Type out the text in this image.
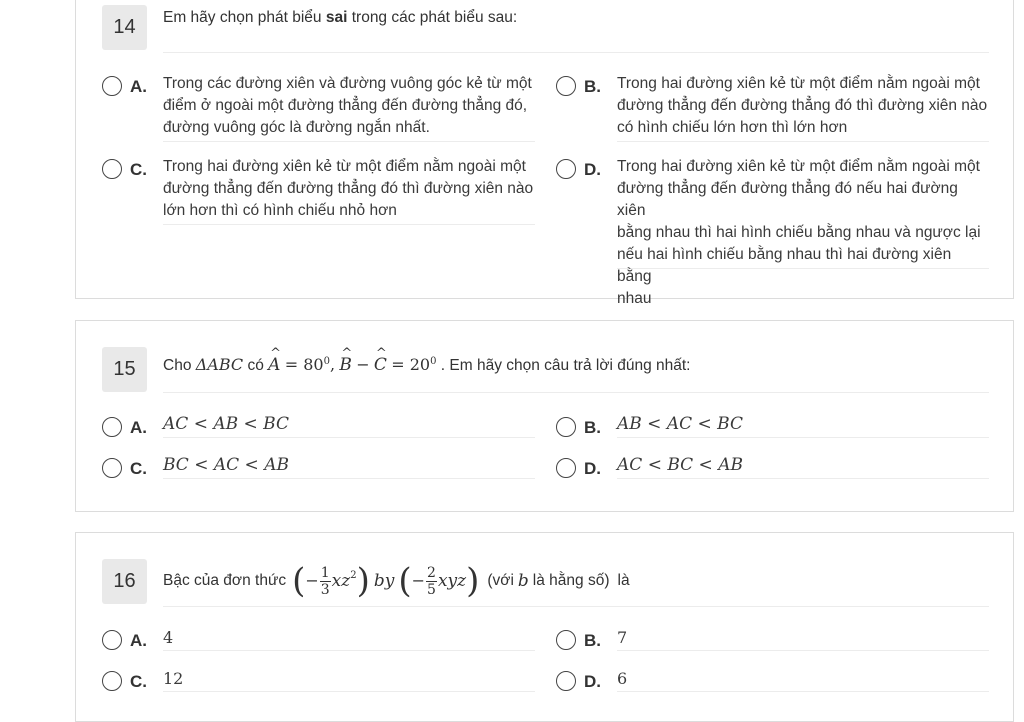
14	Em hãy chọn phát biểu sai trong các phát biểu sau:
A. Trong các đường xiên và đường vuông góc kẻ từ một
điểm ở ngoài một đường thẳng đến đường thẳng đó,
đường vuông góc là đường ngắn nhất.
B. Trong hai đường xiên kẻ từ một điểm nằm ngoài một
đường thẳng đến đường thẳng đó thì đường xiên nào
có hình chiếu lớn hơn thì lớn hơn
C. Trong hai đường xiên kẻ từ một điểm nằm ngoài một
đường thẳng đến đường thẳng đó thì đường xiên nào
lớn hơn thì có hình chiếu nhỏ hơn
D. Trong hai đường xiên kẻ từ một điểm nằm ngoài một
đường thẳng đến đường thẳng đó nếu hai đường xiên
bằng nhau thì hai hình chiếu bằng nhau và ngược lại
nếu hai hình chiếu bằng nhau thì hai đường xiên bằng
nhau
15	Cho ΔABC có ^ $A = 80^0$, ^ B − ^ $C = 20^0$ . Em hãy chọn câu trả lời đúng nhất:
A. AC < AB < BC	B. AB < AC < BC
C. BC < AC < AB	D. AC < BC < AB
16	Bậc của đơn thức ( − $\frac{1}{3} xz^2$ ) by ( − $\frac{2}{5}$ xyz ) (với b là hằng số) là
A. 4	B. 7
C. 12	D. 6
